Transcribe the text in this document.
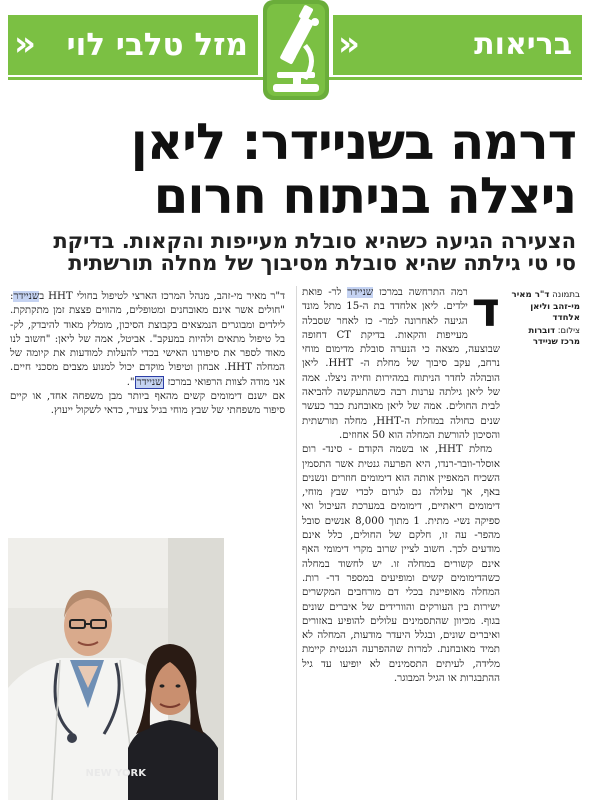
בריאות
«
מזל טלבי לוי
«
דרמה בשניידר: ליאן
ניצלה בניתוח חרום
הצעירה הגיעה כשהיא סובלת מעייפות והקאות. בדיקת
סי טי גילתה שהיא סובלת מסיבוך של מחלה תורשתית
בתמונה ד"ר מאיר מי-זהב וליאן אלחדד
צילום: דוברות מרכז שניידר

ד
רמה התרחשה במרכז שניידר לר- פואת ילדים. ליאן אלחדד בת ה-15 מתל מונד הגיעה לאחרונה למר- כז לאחר שסבלה מעייפות והקאות. בדיקת CT דחופה שבוצעה, מצאה כי הנערה סובלת מדימום מוחי נרחב, עקב סיבוך של מחלת ה- HHT. ליאן הובהלה לחדר הניתוח במהירות וחייה ניצלו. אמה של ליאן גילתה ערנות רבה כשהתעקשה להביאה לבית החולים. אמה של ליאן מאובחנת כבר כעשר שנים כחולה במחלת ה-HHT, מחלה תורשתית והסיכון להורשת המחלה הוא 50 אחוזים.

מחלת HHT, או בשמה הקודם - סינד- רום אוסלר-וובר-רנדו, היא הפרעה גנטית אשר התסמין השכיח המאפיין אותה הוא דימומים חוזרים ונשנים באף, אך עלולה גם לגרום לכדי שבץ מוחי, דימומים ריאתיים, דימומים במערכת העיכול ואי ספיקה נשי- מתית. 1 מתוך 8,000 אנשים סובל מהפר- עה זו, חלקם של החולים, כלל אינם מודעים לכך. חשוב לציין שרוב מקרי דימומי האף אינם קשורים במחלה זו. יש לחשוד במחלה כשהדימומים קשים ומופיעים במספר דר- רות. המחלה מאופיינת בכלי דם מורחבים המקשרים ישירות בין העורקים והוורידים של איברים שונים בגוף. מכיוון שהתסמינים עלולים להופיע באזורים ואיברים שונים, ובגלל היעדר מודעות, המחלה לא תמיד מאובחנת. למרות שההפרעה הגנטית קיימת מלידה, לעיתים התסמינים לא יופיעו עד גיל ההתבגרות או הגיל המבוגר.

ד"ר מאיר מי-זהב, מנהל המרכז הארצי לטיפול בחולי HHT בשניידר: "חולים אשר אינם מאובחנים ומטופלים, מהווים פצצת זמן מתקתקת. לילדים ומבוגרים הנמצאים בקבוצת הסיכון, מומלץ מאוד להיבדק, לק- בל טיפול מתאים ולהיות במעקב". אביטל, אמה של ליאן: "חשוב לנו מאוד לספר את סיפורנו האישי בכדי להעלות למודעות את קיומה של המחלה HHT. אבחון וטיפול מוקדם יכול למנוע מצבים מסכני חיים. אני מודה לצוות הרפואי במרכז שניידר".

אם ישנם דימומים קשים מהאף ביותר מבן משפחה אחד, או קיים סיפור משפחתי של שבץ מוחי בגיל צעיר, כדאי לשקול ייעוץ.

NEW YORK
